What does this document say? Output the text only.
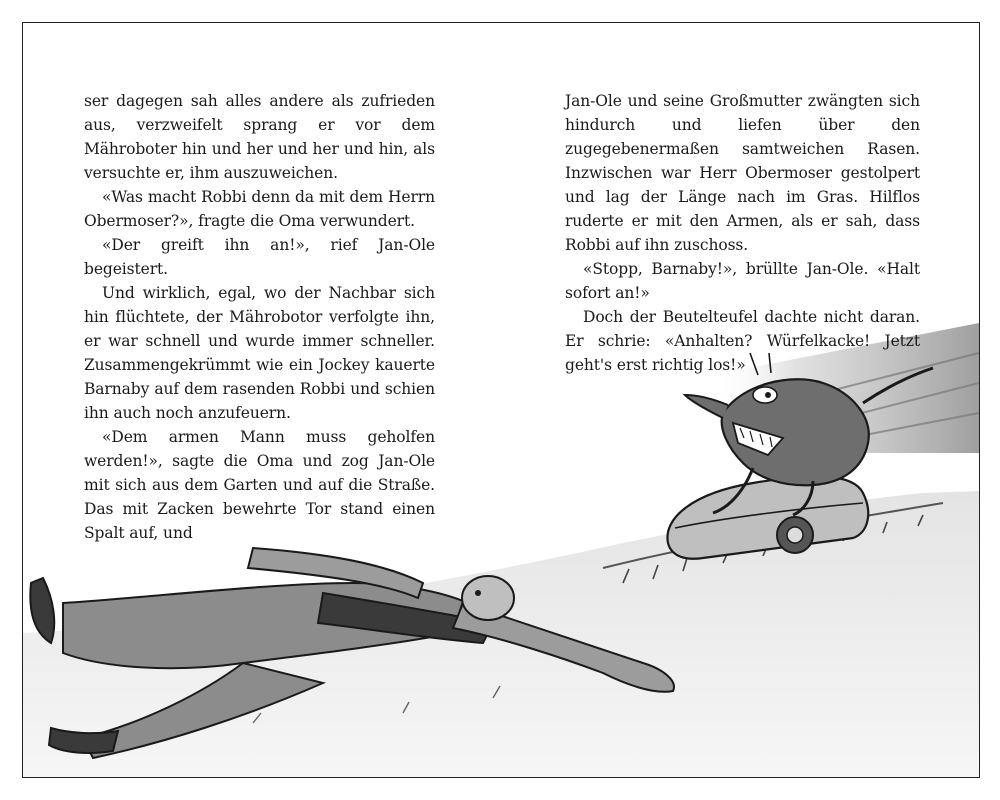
ser dagegen sah alles andere als zufrieden aus, verzweifelt sprang er vor dem Mähroboter hin und her und her und hin, als versuchte er, ihm auszuweichen.

«Was macht Robbi denn da mit dem Herrn Obermoser?», fragte die Oma verwundert.

«Der greift ihn an!», rief Jan-Ole begeistert.

Und wirklich, egal, wo der Nachbar sich hin flüchtete, der Mährobotor verfolgte ihn, er war schnell und wurde immer schneller. Zusammengekrümmt wie ein Jockey kauerte Barnaby auf dem rasenden Robbi und schien ihn auch noch anzufeuern.

«Dem armen Mann muss geholfen werden!», sagte die Oma und zog Jan-Ole mit sich aus dem Garten und auf die Straße. Das mit Zacken bewehrte Tor stand einen Spalt auf, und

Jan-Ole und seine Großmutter zwängten sich hindurch und liefen über den zugegebenermaßen samtweichen Rasen. Inzwischen war Herr Obermoser gestolpert und lag der Länge nach im Gras. Hilflos ruderte er mit den Armen, als er sah, dass Robbi auf ihn zuschoss.

«Stopp, Barnaby!», brüllte Jan-Ole. «Halt sofort an!»

Doch der Beutelteufel dachte nicht daran. Er schrie: «Anhalten? Würfelkacke! Jetzt geht's erst richtig los!»
